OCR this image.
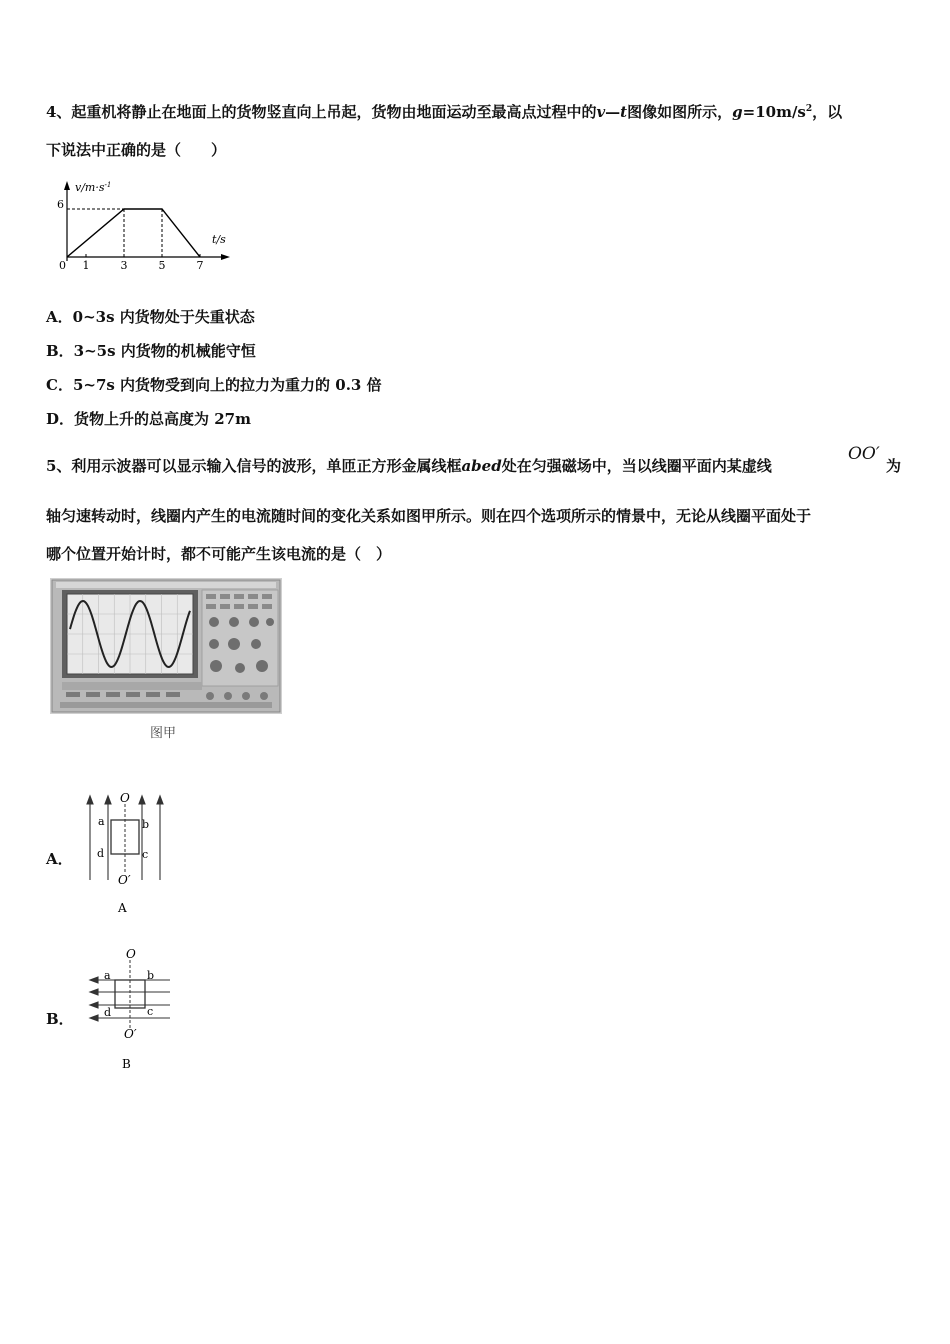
4、起重机将静止在地面上的货物竖直向上吊起，货物由地面运动至最高点过程中的v—t图像如图所示，$g=10m/s^2$，以
下说法中正确的是（　　）
$v/m\cdot s^{-1}$
t/s
6
0 1	3	5	7
A．0~3s 内货物处于失重状态
B．3~5s 内货物的机械能守恒
C．5~7s 内货物受到向上的拉力为重力的 0.3 倍
D．货物上升的总高度为 27m
5、利用示波器可以显示输入信号的波形，单匝正方形金属线框abed处在匀强磁场中，当以线圈平面内某虚线
OO′
为
轴匀速转动时，线圈内产生的电流随时间的变化关系如图甲所示。则在四个选项所示的情景中，无论从线圈平面处于
哪个位置开始计时，都不可能产生该电流的是（　）
图甲
A．
O
O′
a	b
c
d
A
B．
O
O′
a	b
c
d
B
